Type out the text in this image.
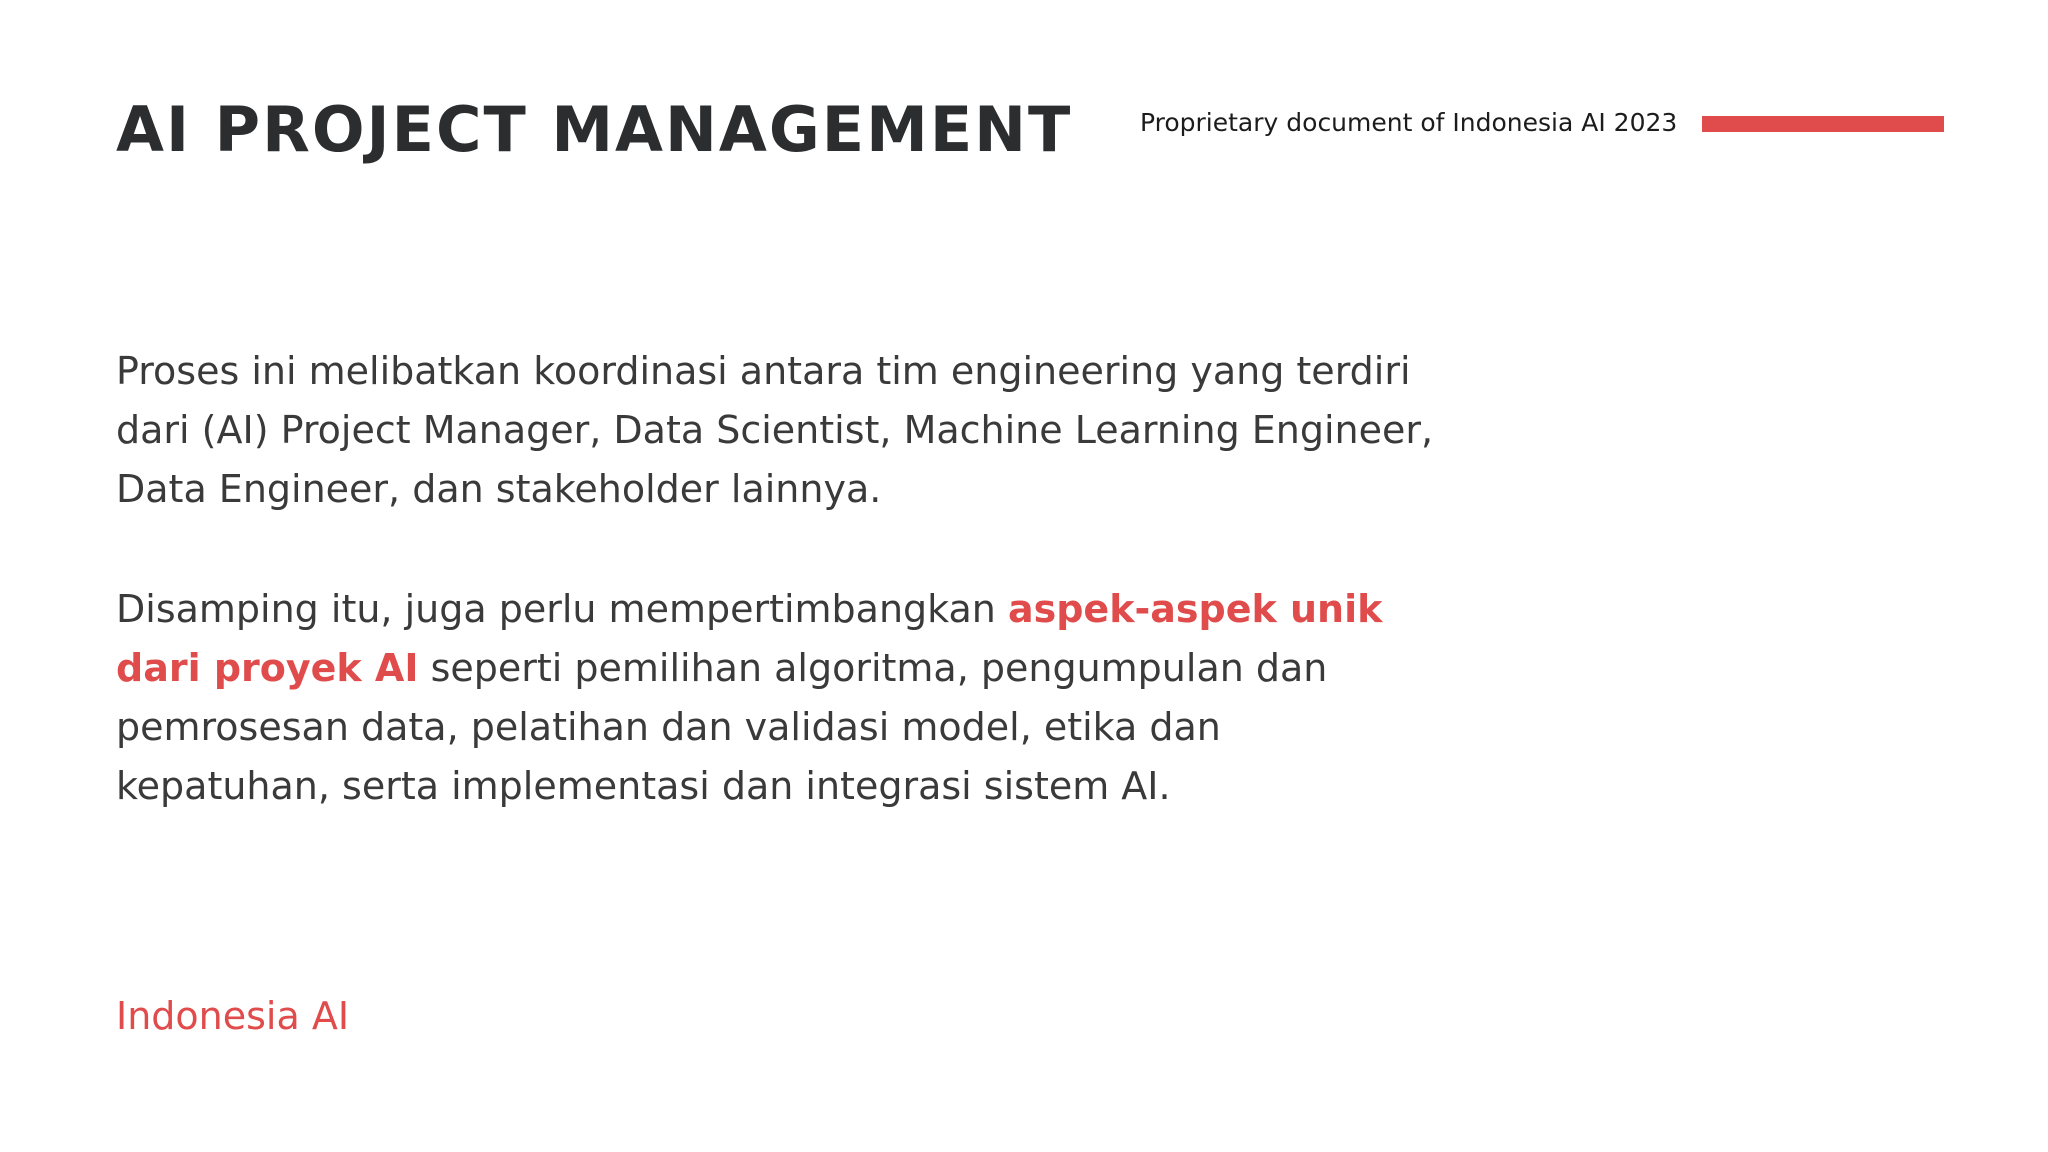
AI PROJECT MANAGEMENT	Proprietary document of Indonesia AI 2023

Proses ini melibatkan koordinasi antara tim engineering yang terdiri dari (AI) Project Manager, Data Scientist, Machine Learning Engineer, Data Engineer, dan stakeholder lainnya.

Disamping itu, juga perlu mempertimbangkan aspek-aspek unik dari proyek AI seperti pemilihan algoritma, pengumpulan dan pemrosesan data, pelatihan dan validasi model, etika dan kepatuhan, serta implementasi dan integrasi sistem AI.

Indonesia AI
